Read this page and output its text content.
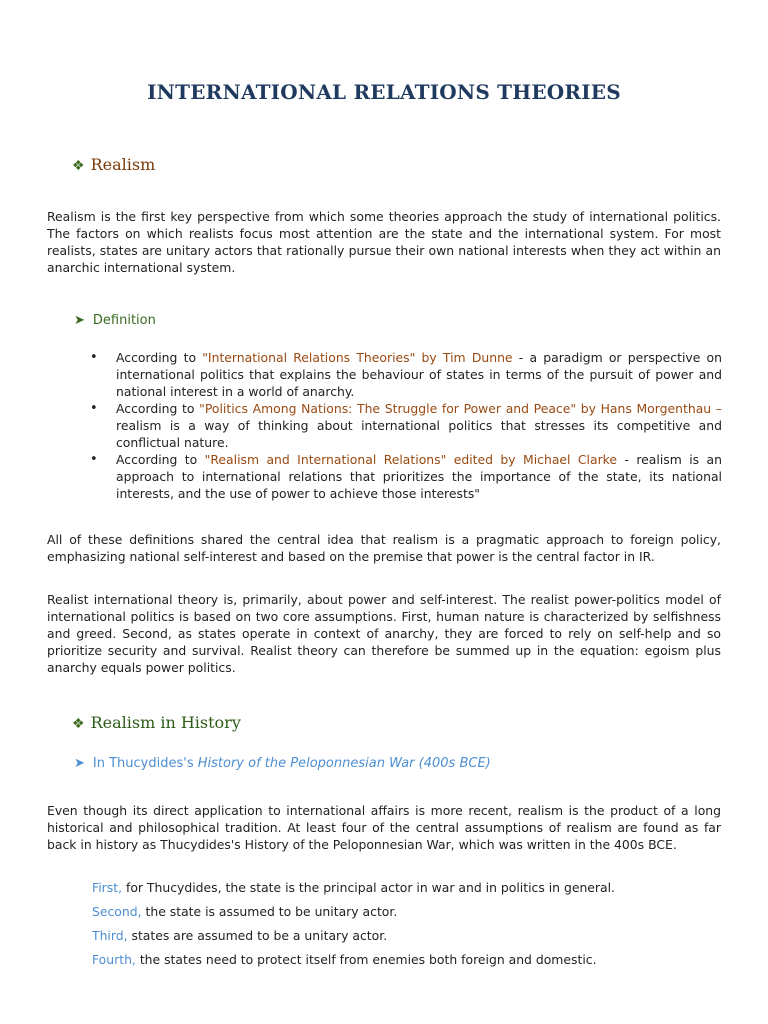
INTERNATIONAL RELATIONS THEORIES
❖ Realism
Realism is the first key perspective from which some theories approach the study of international politics. The factors on which realists focus most attention are the state and the international system. For most realists, states are unitary actors that rationally pursue their own national interests when they act within an anarchic international system.
➤ Definition
• According to "International Relations Theories" by Tim Dunne - a paradigm or perspective on international politics that explains the behaviour of states in terms of the pursuit of power and national interest in a world of anarchy.
• According to "Politics Among Nations: The Struggle for Power and Peace" by Hans Morgenthau – realism is a way of thinking about international politics that stresses its competitive and conflictual nature.
• According to "Realism and International Relations" edited by Michael Clarke - realism is an approach to international relations that prioritizes the importance of the state, its national interests, and the use of power to achieve those interests"
All of these definitions shared the central idea that realism is a pragmatic approach to foreign policy, emphasizing national self-interest and based on the premise that power is the central factor in IR.
Realist international theory is, primarily, about power and self-interest. The realist power-politics model of international politics is based on two core assumptions. First, human nature is characterized by selfishness and greed. Second, as states operate in context of anarchy, they are forced to rely on self-help and so prioritize security and survival. Realist theory can therefore be summed up in the equation: egoism plus anarchy equals power politics.
❖ Realism in History
➤ In Thucydides's History of the Peloponnesian War (400s BCE)
Even though its direct application to international affairs is more recent, realism is the product of a long historical and philosophical tradition. At least four of the central assumptions of realism are found as far back in history as Thucydides's History of the Peloponnesian War, which was written in the 400s BCE.
First, for Thucydides, the state is the principal actor in war and in politics in general.
Second, the state is assumed to be unitary actor.
Third, states are assumed to be a unitary actor.
Fourth, the states need to protect itself from enemies both foreign and domestic.
